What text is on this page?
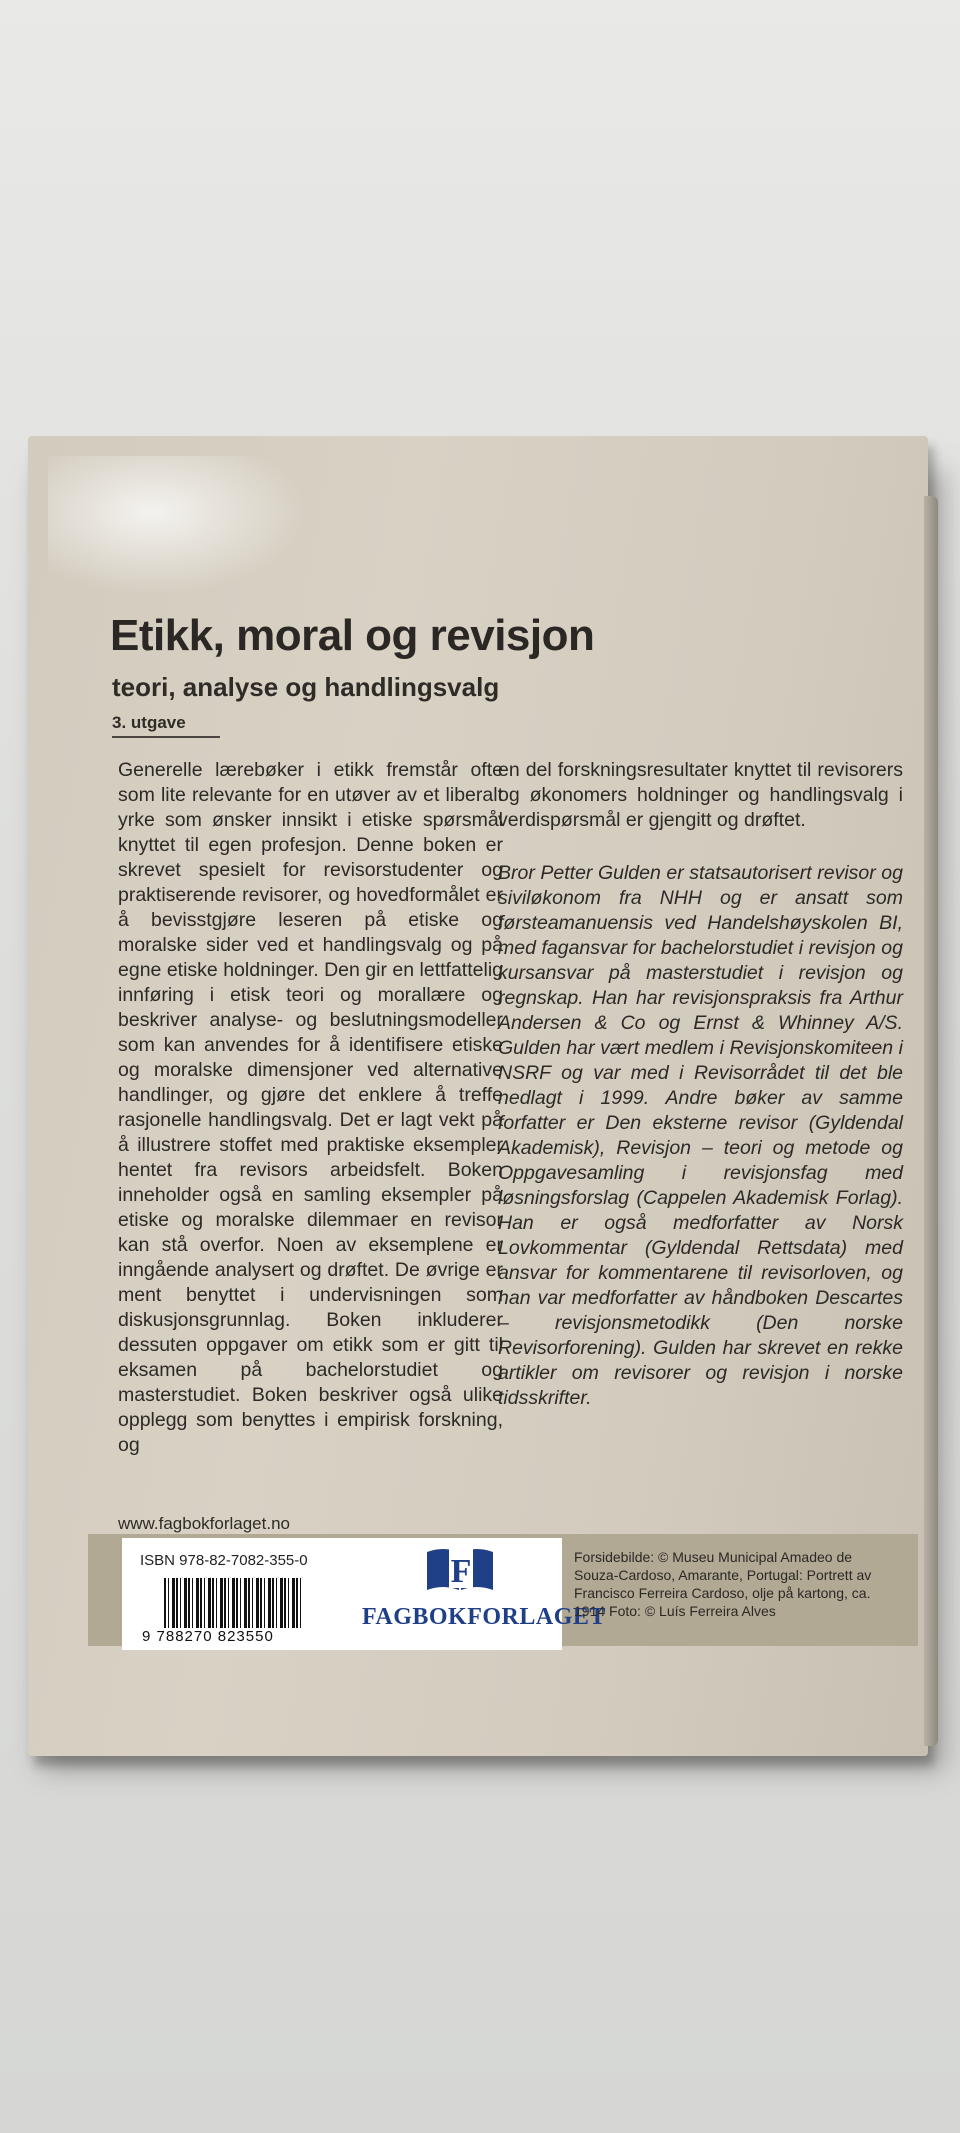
Etikk, moral og revisjon
teori, analyse og handlingsvalg

3. utgave

Generelle lærebøker i etikk fremstår ofte som lite relevante for en utøver av et liberalt yrke som ønsker innsikt i etiske spørsmål knyttet til egen profesjon. Denne boken er skrevet spesielt for revisorstudenter og praktiserende revisorer, og hovedformålet er å bevisstgjøre leseren på etiske og moralske sider ved et handlingsvalg og på egne etiske holdninger. Den gir en lettfattelig innføring i etisk teori og morallære og beskriver analyse- og beslutningsmodeller som kan anvendes for å identifisere etiske og moralske dimensjoner ved alternative handlinger, og gjøre det enklere å treffe rasjonelle handlingsvalg. Det er lagt vekt på å illustrere stoffet med praktiske eksempler hentet fra revisors arbeidsfelt. Boken inneholder også en samling eksempler på etiske og moralske dilemmaer en revisor kan stå overfor. Noen av eksemplene er inngående analysert og drøftet. De øvrige er ment benyttet i undervisningen som diskusjonsgrunnlag. Boken inkluderer dessuten oppgaver om etikk som er gitt til eksamen på bachelorstudiet og masterstudiet. Boken beskriver også ulike opplegg som benyttes i empirisk forskning, og

en del forskningsresultater knyttet til revisorers og økonomers holdninger og handlingsvalg i verdispørsmål er gjengitt og drøftet.

Bror Petter Gulden er statsautorisert revisor og siviløkonom fra NHH og er ansatt som førsteamanuensis ved Handelshøyskolen BI, med fagansvar for bachelorstudiet i revisjon og kursansvar på masterstudiet i revisjon og regnskap. Han har revisjonspraksis fra Arthur Andersen & Co og Ernst & Whinney A/S. Gulden har vært medlem i Revisjonskomiteen i NSRF og var med i Revisorrådet til det ble nedlagt i 1999. Andre bøker av samme forfatter er Den eksterne revisor (Gyldendal Akademisk), Revisjon – teori og metode og Oppgavesamling i revisjonsfag med løsningsforslag (Cappelen Akademisk Forlag). Han er også medforfatter av Norsk Lovkommentar (Gyldendal Rettsdata) med ansvar for kommentarene til revisorloven, og han var medforfatter av håndboken Descartes – revisjonsmetodikk (Den norske Revisorforening). Gulden har skrevet en rekke artikler om revisorer og revisjon i norske tidsskrifter.

www.fagbokforlaget.no

ISBN 978-82-7082-355-0

9 788270 823550

F

FAGBOKFORLAGET

Forsidebilde: © Museu Municipal Amadeo de Souza-Cardoso, Amarante, Portugal: Portrett av Francisco Ferreira Cardoso, olje på kartong, ca. 1914 Foto: © Luís Ferreira Alves
